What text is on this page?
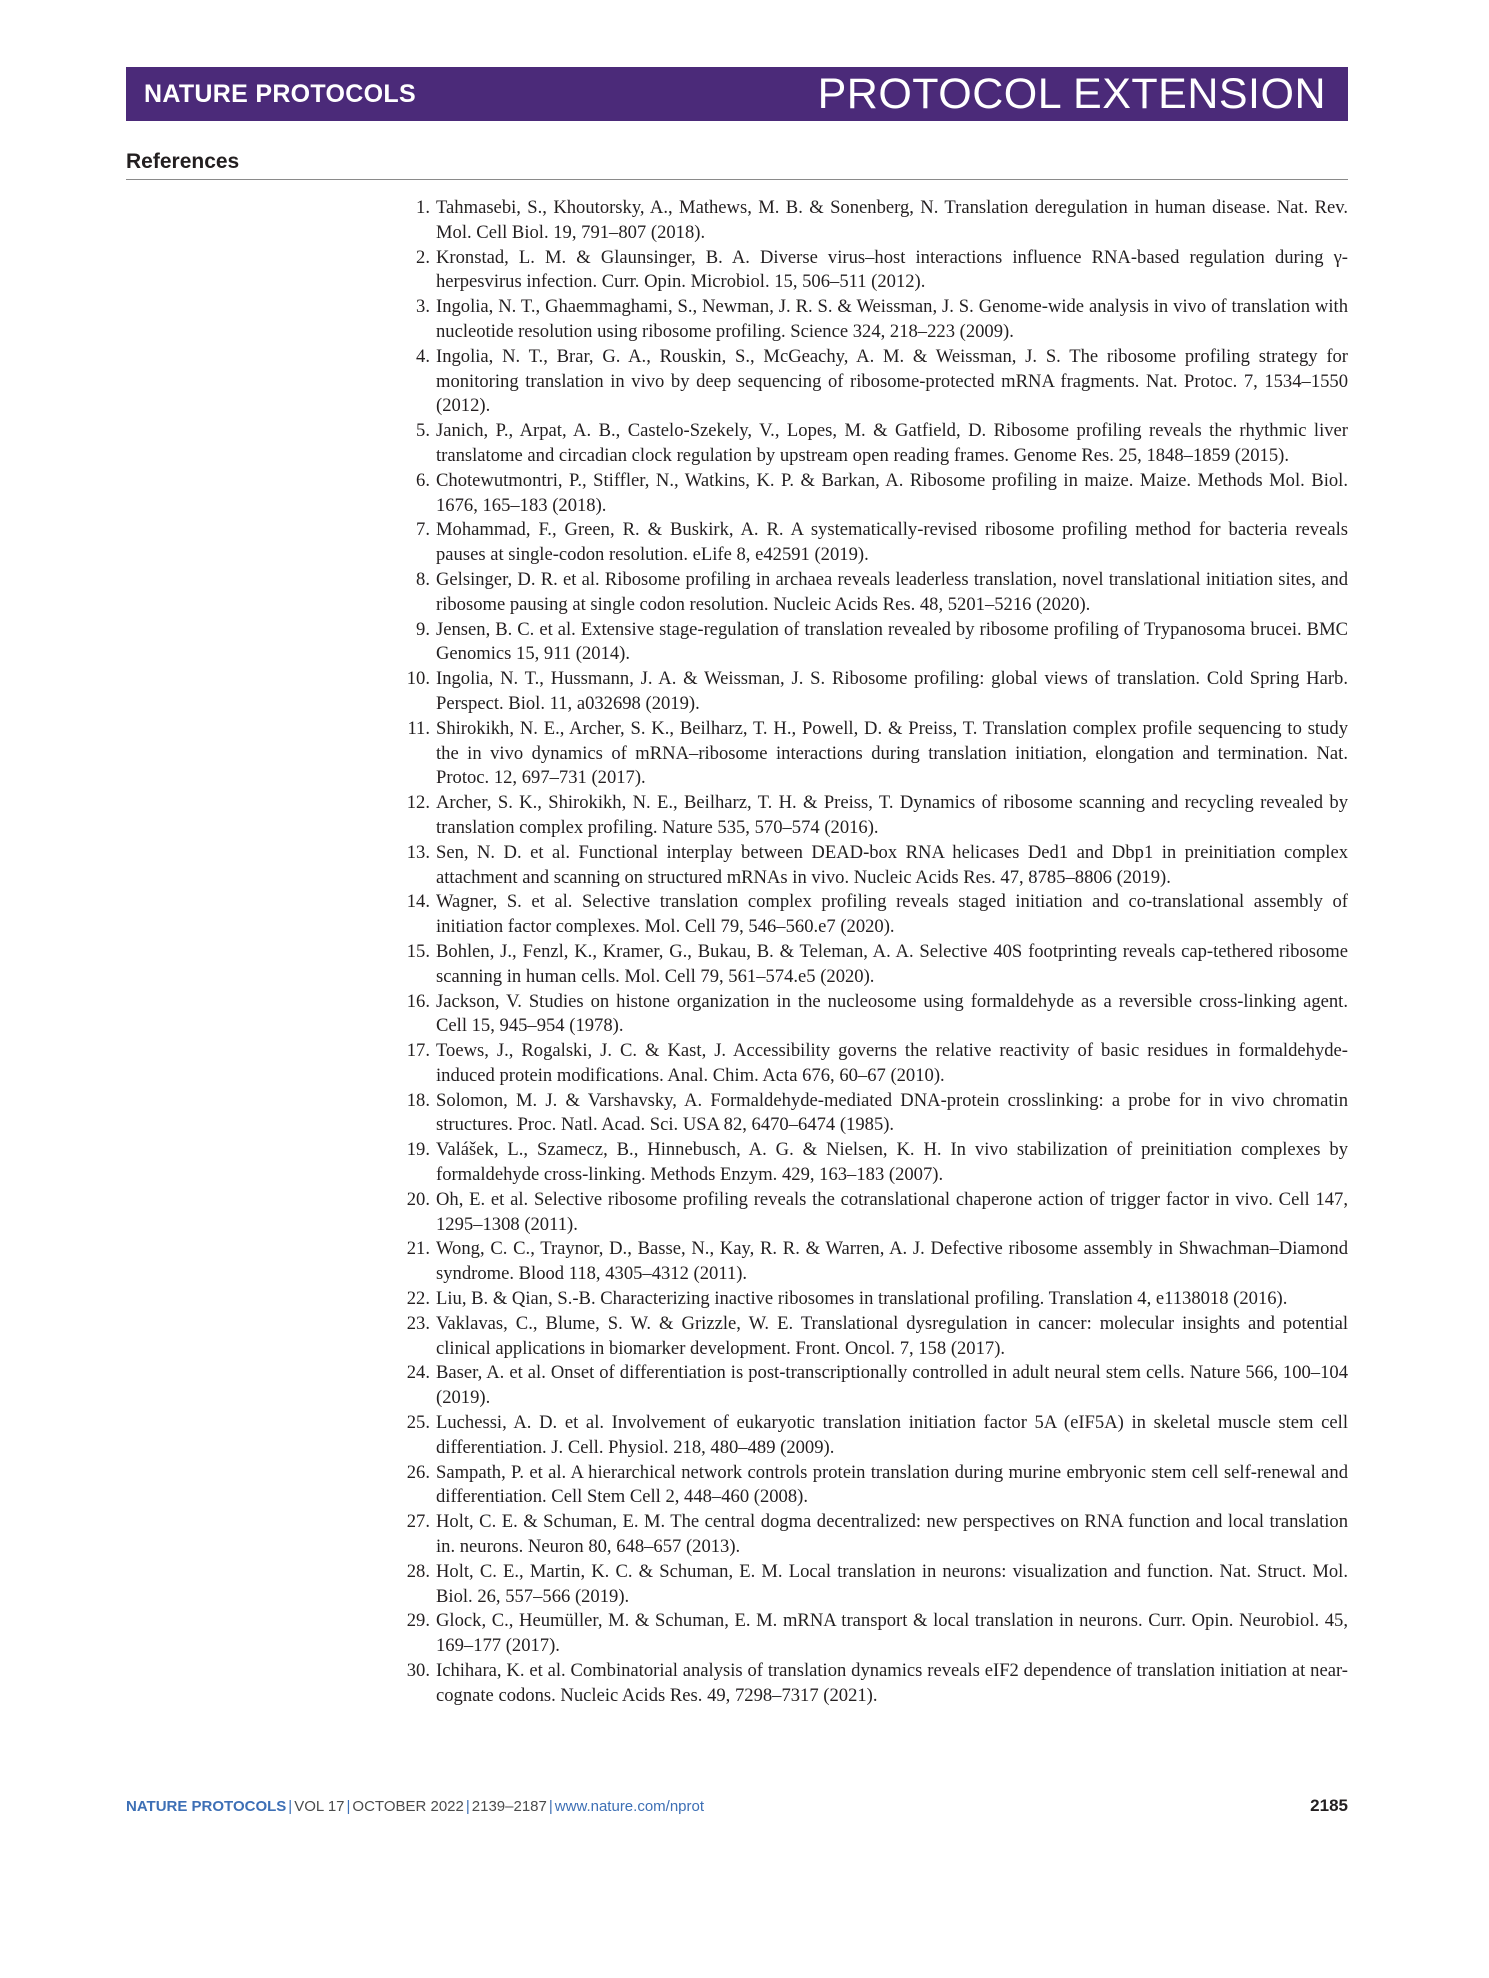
NATURE PROTOCOLS	PROTOCOL EXTENSION
References
1. Tahmasebi, S., Khoutorsky, A., Mathews, M. B. & Sonenberg, N. Translation deregulation in human disease. Nat. Rev. Mol. Cell Biol. 19, 791–807 (2018).
2. Kronstad, L. M. & Glaunsinger, B. A. Diverse virus–host interactions influence RNA-based regulation during γ-herpesvirus infection. Curr. Opin. Microbiol. 15, 506–511 (2012).
3. Ingolia, N. T., Ghaemmaghami, S., Newman, J. R. S. & Weissman, J. S. Genome-wide analysis in vivo of translation with nucleotide resolution using ribosome profiling. Science 324, 218–223 (2009).
4. Ingolia, N. T., Brar, G. A., Rouskin, S., McGeachy, A. M. & Weissman, J. S. The ribosome profiling strategy for monitoring translation in vivo by deep sequencing of ribosome-protected mRNA fragments. Nat. Protoc. 7, 1534–1550 (2012).
5. Janich, P., Arpat, A. B., Castelo-Szekely, V., Lopes, M. & Gatfield, D. Ribosome profiling reveals the rhythmic liver translatome and circadian clock regulation by upstream open reading frames. Genome Res. 25, 1848–1859 (2015).
6. Chotewutmontri, P., Stiffler, N., Watkins, K. P. & Barkan, A. Ribosome profiling in maize. Maize. Methods Mol. Biol. 1676, 165–183 (2018).
7. Mohammad, F., Green, R. & Buskirk, A. R. A systematically-revised ribosome profiling method for bacteria reveals pauses at single-codon resolution. eLife 8, e42591 (2019).
8. Gelsinger, D. R. et al. Ribosome profiling in archaea reveals leaderless translation, novel translational initiation sites, and ribosome pausing at single codon resolution. Nucleic Acids Res. 48, 5201–5216 (2020).
9. Jensen, B. C. et al. Extensive stage-regulation of translation revealed by ribosome profiling of Trypanosoma brucei. BMC Genomics 15, 911 (2014).
10. Ingolia, N. T., Hussmann, J. A. & Weissman, J. S. Ribosome profiling: global views of translation. Cold Spring Harb. Perspect. Biol. 11, a032698 (2019).
11. Shirokikh, N. E., Archer, S. K., Beilharz, T. H., Powell, D. & Preiss, T. Translation complex profile sequencing to study the in vivo dynamics of mRNA–ribosome interactions during translation initiation, elongation and termination. Nat. Protoc. 12, 697–731 (2017).
12. Archer, S. K., Shirokikh, N. E., Beilharz, T. H. & Preiss, T. Dynamics of ribosome scanning and recycling revealed by translation complex profiling. Nature 535, 570–574 (2016).
13. Sen, N. D. et al. Functional interplay between DEAD-box RNA helicases Ded1 and Dbp1 in preinitiation complex attachment and scanning on structured mRNAs in vivo. Nucleic Acids Res. 47, 8785–8806 (2019).
14. Wagner, S. et al. Selective translation complex profiling reveals staged initiation and co-translational assembly of initiation factor complexes. Mol. Cell 79, 546–560.e7 (2020).
15. Bohlen, J., Fenzl, K., Kramer, G., Bukau, B. & Teleman, A. A. Selective 40S footprinting reveals cap-tethered ribosome scanning in human cells. Mol. Cell 79, 561–574.e5 (2020).
16. Jackson, V. Studies on histone organization in the nucleosome using formaldehyde as a reversible cross-linking agent. Cell 15, 945–954 (1978).
17. Toews, J., Rogalski, J. C. & Kast, J. Accessibility governs the relative reactivity of basic residues in formaldehyde-induced protein modifications. Anal. Chim. Acta 676, 60–67 (2010).
18. Solomon, M. J. & Varshavsky, A. Formaldehyde-mediated DNA-protein crosslinking: a probe for in vivo chromatin structures. Proc. Natl. Acad. Sci. USA 82, 6470–6474 (1985).
19. Valášek, L., Szamecz, B., Hinnebusch, A. G. & Nielsen, K. H. In vivo stabilization of preinitiation complexes by formaldehyde cross-linking. Methods Enzym. 429, 163–183 (2007).
20. Oh, E. et al. Selective ribosome profiling reveals the cotranslational chaperone action of trigger factor in vivo. Cell 147, 1295–1308 (2011).
21. Wong, C. C., Traynor, D., Basse, N., Kay, R. R. & Warren, A. J. Defective ribosome assembly in Shwachman–Diamond syndrome. Blood 118, 4305–4312 (2011).
22. Liu, B. & Qian, S.-B. Characterizing inactive ribosomes in translational profiling. Translation 4, e1138018 (2016).
23. Vaklavas, C., Blume, S. W. & Grizzle, W. E. Translational dysregulation in cancer: molecular insights and potential clinical applications in biomarker development. Front. Oncol. 7, 158 (2017).
24. Baser, A. et al. Onset of differentiation is post-transcriptionally controlled in adult neural stem cells. Nature 566, 100–104 (2019).
25. Luchessi, A. D. et al. Involvement of eukaryotic translation initiation factor 5A (eIF5A) in skeletal muscle stem cell differentiation. J. Cell. Physiol. 218, 480–489 (2009).
26. Sampath, P. et al. A hierarchical network controls protein translation during murine embryonic stem cell self-renewal and differentiation. Cell Stem Cell 2, 448–460 (2008).
27. Holt, C. E. & Schuman, E. M. The central dogma decentralized: new perspectives on RNA function and local translation in. neurons. Neuron 80, 648–657 (2013).
28. Holt, C. E., Martin, K. C. & Schuman, E. M. Local translation in neurons: visualization and function. Nat. Struct. Mol. Biol. 26, 557–566 (2019).
29. Glock, C., Heumüller, M. & Schuman, E. M. mRNA transport & local translation in neurons. Curr. Opin. Neurobiol. 45, 169–177 (2017).
30. Ichihara, K. et al. Combinatorial analysis of translation dynamics reveals eIF2 dependence of translation initiation at near-cognate codons. Nucleic Acids Res. 49, 7298–7317 (2021).
NATURE PROTOCOLS | VOL 17 | OCTOBER 2022 | 2139–2187 | www.nature.com/nprot	2185
